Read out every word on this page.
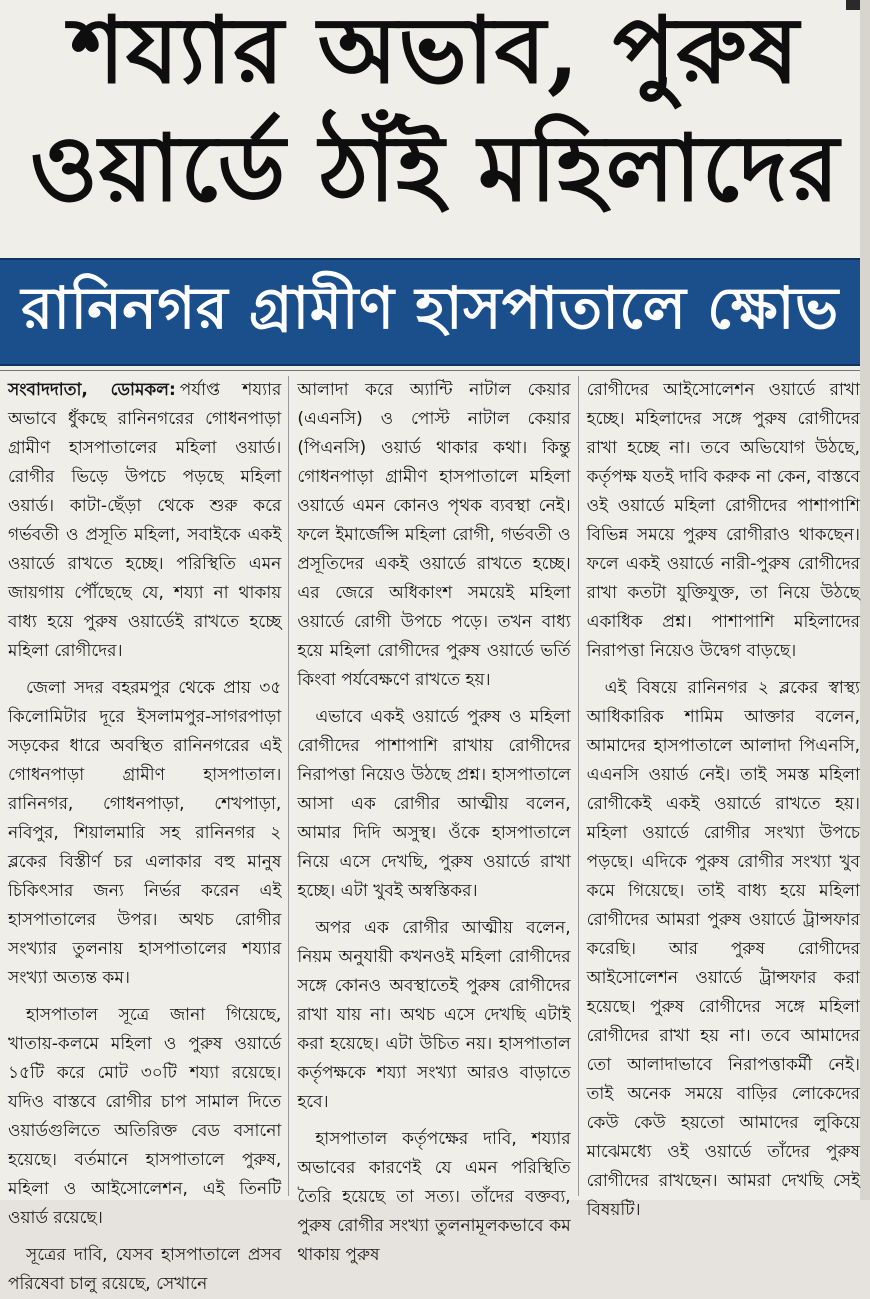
শয্যার অভাব, পুরুষ
ওয়ার্ডে ঠাঁই মহিলাদের
রানিনগর গ্রামীণ হাসপাতালে ক্ষোভ

সংবাদদাতা, ডোমকল: পর্যাপ্ত শয্যার অভাবে ধুঁকছে রানিনগরের গোধনপাড়া গ্রামীণ হাসপাতালের মহিলা ওয়ার্ড। রোগীর ভিড়ে উপচে পড়ছে মহিলা ওয়ার্ড। কাটা-ছেঁড়া থেকে শুরু করে গর্ভবতী ও প্রসূতি মহিলা, সবাইকে একই ওয়ার্ডে রাখতে হচ্ছে। পরিস্থিতি এমন জায়গায় পৌঁছেছে যে, শয্যা না থাকায় বাধ্য হয়ে পুরুষ ওয়ার্ডেই রাখতে হচ্ছে মহিলা রোগীদের।

জেলা সদর বহরমপুর থেকে প্রায় ৩৫ কিলোমিটার দূরে ইসলামপুর-সাগরপাড়া সড়কের ধারে অবস্থিত রানিনগরের এই গোধনপাড়া গ্রামীণ হাসপাতাল। রানিনগর, গোধনপাড়া, শেখপাড়া, নবিপুর, শিয়ালমারি সহ রানিনগর ২ ব্লকের বিস্তীর্ণ চর এলাকার বহু মানুষ চিকিৎসার জন্য নির্ভর করেন এই হাসপাতালের উপর। অথচ রোগীর সংখ্যার তুলনায় হাসপাতালের শয্যার সংখ্যা অত্যন্ত কম।

হাসপাতাল সূত্রে জানা গিয়েছে, খাতায়-কলমে মহিলা ও পুরুষ ওয়ার্ডে ১৫টি করে মোট ৩০টি শয্যা রয়েছে। যদিও বাস্তবে রোগীর চাপ সামাল দিতে ওয়ার্ডগুলিতে অতিরিক্ত বেড বসানো হয়েছে। বর্তমানে হাসপাতালে পুরুষ, মহিলা ও আইসোলেশন, এই তিনটি ওয়ার্ড রয়েছে।

সূত্রের দাবি, যেসব হাসপাতালে প্রসব পরিষেবা চালু রয়েছে, সেখানে

আলাদা করে অ্যান্টি নাটাল কেয়ার (এএনসি) ও পোস্ট নাটাল কেয়ার (পিএনসি) ওয়ার্ড থাকার কথা। কিন্তু গোধনপাড়া গ্রামীণ হাসপাতালে মহিলা ওয়ার্ডে এমন কোনও পৃথক ব্যবস্থা নেই। ফলে ইমার্জেন্সি মহিলা রোগী, গর্ভবতী ও প্রসূতিদের একই ওয়ার্ডে রাখতে হচ্ছে। এর জেরে অধিকাংশ সময়েই মহিলা ওয়ার্ডে রোগী উপচে পড়ে। তখন বাধ্য হয়ে মহিলা রোগীদের পুরুষ ওয়ার্ডে ভর্তি কিংবা পর্যবেক্ষণে রাখতে হয়।

এভাবে একই ওয়ার্ডে পুরুষ ও মহিলা রোগীদের পাশাপাশি রাখায় রোগীদের নিরাপত্তা নিয়েও উঠছে প্রশ্ন। হাসপাতালে আসা এক রোগীর আত্মীয় বলেন, আমার দিদি অসুস্থ। ওঁকে হাসপাতালে নিয়ে এসে দেখছি, পুরুষ ওয়ার্ডে রাখা হচ্ছে। এটা খুবই অস্বস্তিকর।

অপর এক রোগীর আত্মীয় বলেন, নিয়ম অনুযায়ী কখনওই মহিলা রোগীদের সঙ্গে কোনও অবস্থাতেই পুরুষ রোগীদের রাখা যায় না। অথচ এসে দেখছি এটাই করা হয়েছে। এটা উচিত নয়। হাসপাতাল কর্তৃপক্ষকে শয্যা সংখ্যা আরও বাড়াতে হবে।

হাসপাতাল কর্তৃপক্ষের দাবি, শয্যার অভাবের কারণেই যে এমন পরিস্থিতি তৈরি হয়েছে তা সত্য। তাঁদের বক্তব্য, পুরুষ রোগীর সংখ্যা তুলনামূলকভাবে কম থাকায় পুরুষ

রোগীদের আইসোলেশন ওয়ার্ডে রাখা হচ্ছে। মহিলাদের সঙ্গে পুরুষ রোগীদের রাখা হচ্ছে না। তবে অভিযোগ উঠছে, কর্তৃপক্ষ যতই দাবি করুক না কেন, বাস্তবে ওই ওয়ার্ডে মহিলা রোগীদের পাশাপাশি বিভিন্ন সময়ে পুরুষ রোগীরাও থাকছেন। ফলে একই ওয়ার্ডে নারী-পুরুষ রোগীদের রাখা কতটা যুক্তিযুক্ত, তা নিয়ে উঠছে একাধিক প্রশ্ন। পাশাপাশি মহিলাদের নিরাপত্তা নিয়েও উদ্বেগ বাড়ছে।

এই বিষয়ে রানিনগর ২ ব্লকের স্বাস্থ্য আধিকারিক শামিম আক্তার বলেন, আমাদের হাসপাতালে আলাদা পিএনসি, এএনসি ওয়ার্ড নেই। তাই সমস্ত মহিলা রোগীকেই একই ওয়ার্ডে রাখতে হয়। মহিলা ওয়ার্ডে রোগীর সংখ্যা উপচে পড়ছে। এদিকে পুরুষ রোগীর সংখ্যা খুব কমে গিয়েছে। তাই বাধ্য হয়ে মহিলা রোগীদের আমরা পুরুষ ওয়ার্ডে ট্রান্সফার করেছি। আর পুরুষ রোগীদের আইসোলেশন ওয়ার্ডে ট্রান্সফার করা হয়েছে। পুরুষ রোগীদের সঙ্গে মহিলা রোগীদের রাখা হয় না। তবে আমাদের তো আলাদাভাবে নিরাপত্তাকর্মী নেই। তাই অনেক সময়ে বাড়ির লোকেদের কেউ কেউ হয়তো আমাদের লুকিয়ে মাঝেমধ্যে ওই ওয়ার্ডে তাঁদের পুরুষ রোগীদের রাখছেন। আমরা দেখছি সেই বিষয়টি।
